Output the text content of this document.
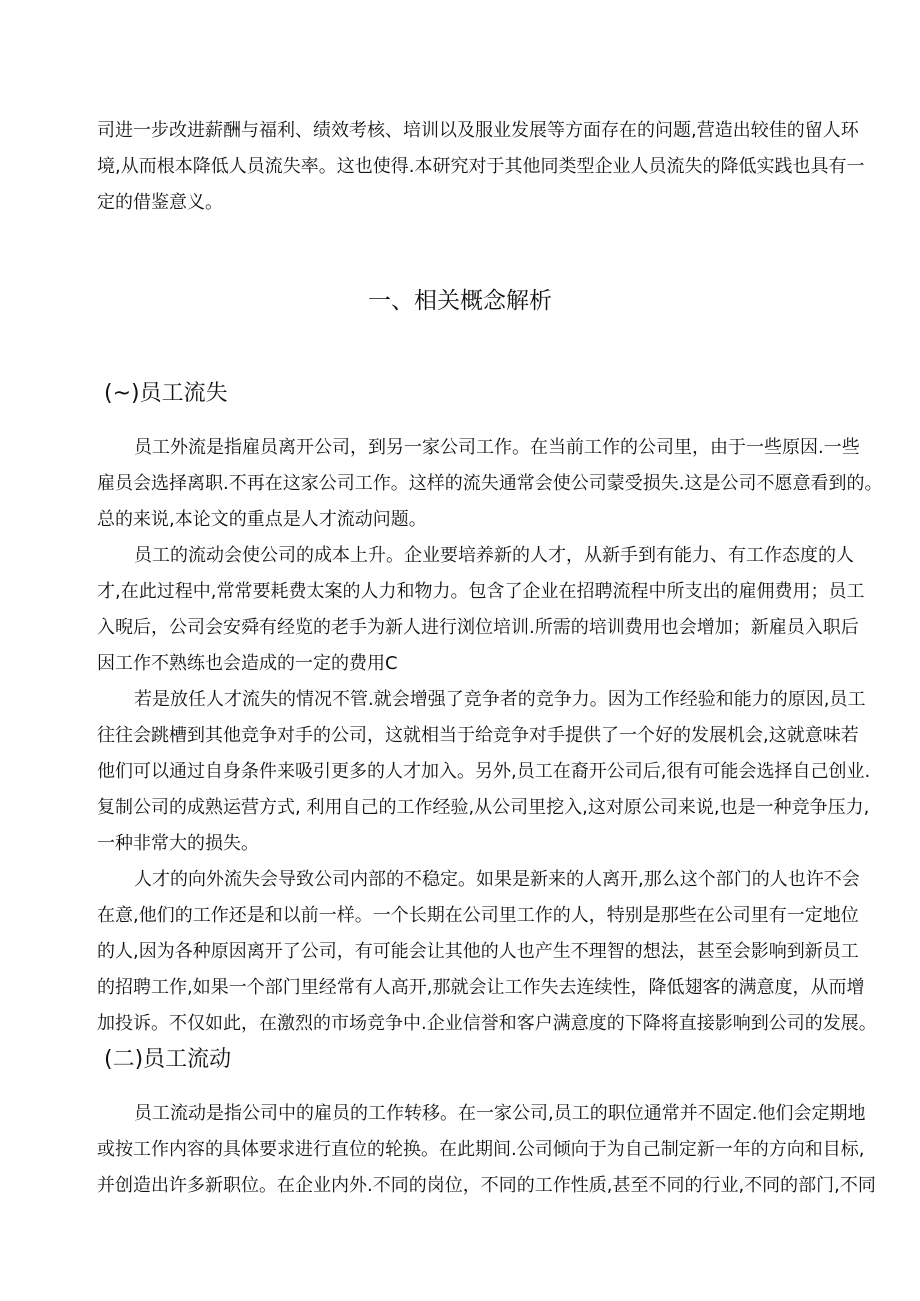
司进一步改进薪酬与福利、绩效考核、培训以及服业发展等方面存在的问题,营造出较佳的留人环
境,从而根本降低人员流失率。这也使得.本研究对于其他同类型企业人员流失的降低实践也具有一
定的借鉴意义。
一、相关概念解析
(~)员工流失
员工外流是指雇员离开公司，到另一家公司工作。在当前工作的公司里，由于一些原因.一些
雇员会选择离职.不再在这家公司工作。这样的流失通常会使公司蒙受损失.这是公司不愿意看到的。
总的来说,本论文的重点是人才流动问题。
员工的流动会使公司的成本上升。企业要培养新的人才，从新手到有能力、有工作态度的人
才,在此过程中,常常要耗费太案的人力和物力。包含了企业在招聘流程中所支出的雇佣费用；员工
入晲后，公司会安舜有经览的老手为新人进行浏位培训.所需的培训费用也会增加；新雇员入职后
因工作不熟练也会造成的一定的费用C
若是放任人才流失的情况不管.就会增强了竞争者的竞争力。因为工作经验和能力的原因,员工
往往会跳槽到其他竞争对手的公司，这就相当于给竞争对手提供了一个好的发展机会,这就意味若
他们可以通过自身条件来吸引更多的人才加入。另外,员工在裔开公司后,很有可能会选择自己创业.
复制公司的成熟运营方式, 利用自己的工作经验,从公司里挖入,这对原公司来说,也是一种竞争压力,
一种非常大的损失。
人才的向外流失会导致公司内部的不稳定。如果是新来的人离开,那么这个部门的人也许不会
在意,他们的工作还是和以前一样。一个长期在公司里工作的人，特别是那些在公司里有一定地位
的人,因为各种原因离开了公司，有可能会让其他的人也产生不理智的想法，甚至会影响到新员工
的招聘工作,如果一个部门里经常有人高开,那就会让工作失去连续性，降低翅客的满意度，从而增
加投诉。不仅如此，在激烈的市场竞争中.企业信誉和客户满意度的下降将直接影响到公司的发展。
(二)员工流动
员工流动是指公司中的雇员的工作转移。在一家公司,员工的职位通常并不固定.他们会定期地
或按工作内容的具体要求进行直位的轮换。在此期间.公司倾向于为自己制定新一年的方向和目标,
并创造出许多新职位。在企业内外.不同的岗位，不同的工作性质,甚至不同的行业,不同的部门,不同
